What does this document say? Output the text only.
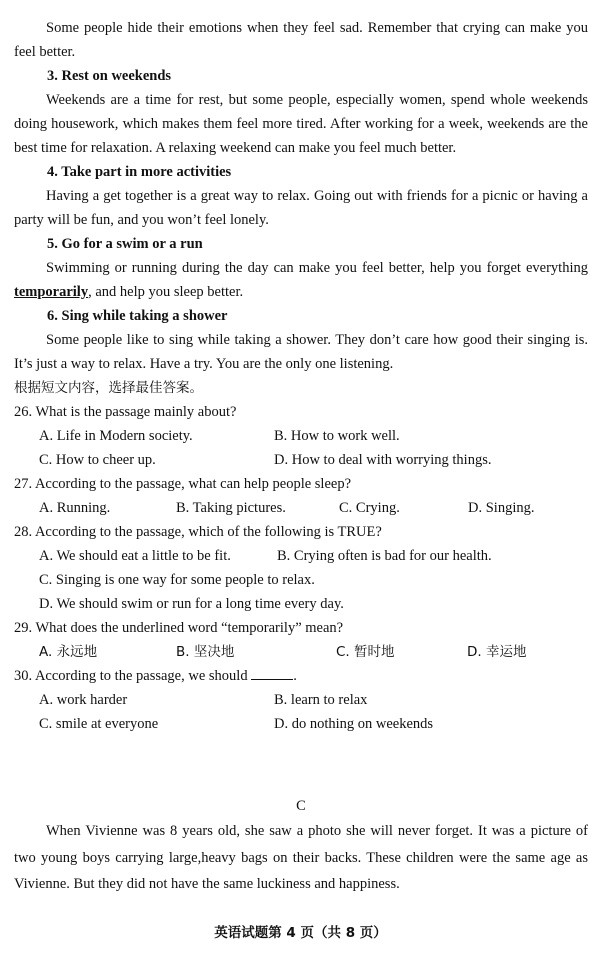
Some people hide their emotions when they feel sad. Remember that crying can make you feel better.

3. Rest on weekends

Weekends are a time for rest, but some people, especially women, spend whole weekends doing housework, which makes them feel more tired. After working for a week, weekends are the best time for relaxation. A relaxing weekend can make you feel much better.

4. Take part in more activities

Having a get together is a great way to relax. Going out with friends for a picnic or having a party will be fun, and you won’t feel lonely.

5. Go for a swim or a run

Swimming or running during the day can make you feel better, help you forget everything temporarily, and help you sleep better.

6. Sing while taking a shower

Some people like to sing while taking a shower. They don’t care how good their singing is. It’s just a way to relax. Have a try. You are the only one listening.

根据短文内容，选择最佳答案。

26. What is the passage mainly about?

A. Life in Modern society.	B. How to work well.
C. How to cheer up.	D. How to deal with worrying things.

27. According to the passage, what can help people sleep?

A. Running.	B. Taking pictures.	C. Crying.	D. Singing.

28. According to the passage, which of the following is TRUE?

A. We should eat a little to be fit.	B. Crying often is bad for our health.
C. Singing is one way for some people to relax.
D. We should swim or run for a long time every day.

29. What does the underlined word “temporarily” mean?

A. 永远地	B. 坚决地	C. 暂时地	D. 幸运地

30. According to the passage, we should	.

A. work harder	B. learn to relax
C. smile at everyone	D. do nothing on weekends

C

When Vivienne was 8 years old, she saw a photo she will never forget. It was a picture of two young boys carrying large,heavy bags on their backs. These children were the same age as Vivienne. But they did not have the same luckiness and happiness.

英语试题第 4 页（共 8 页）
